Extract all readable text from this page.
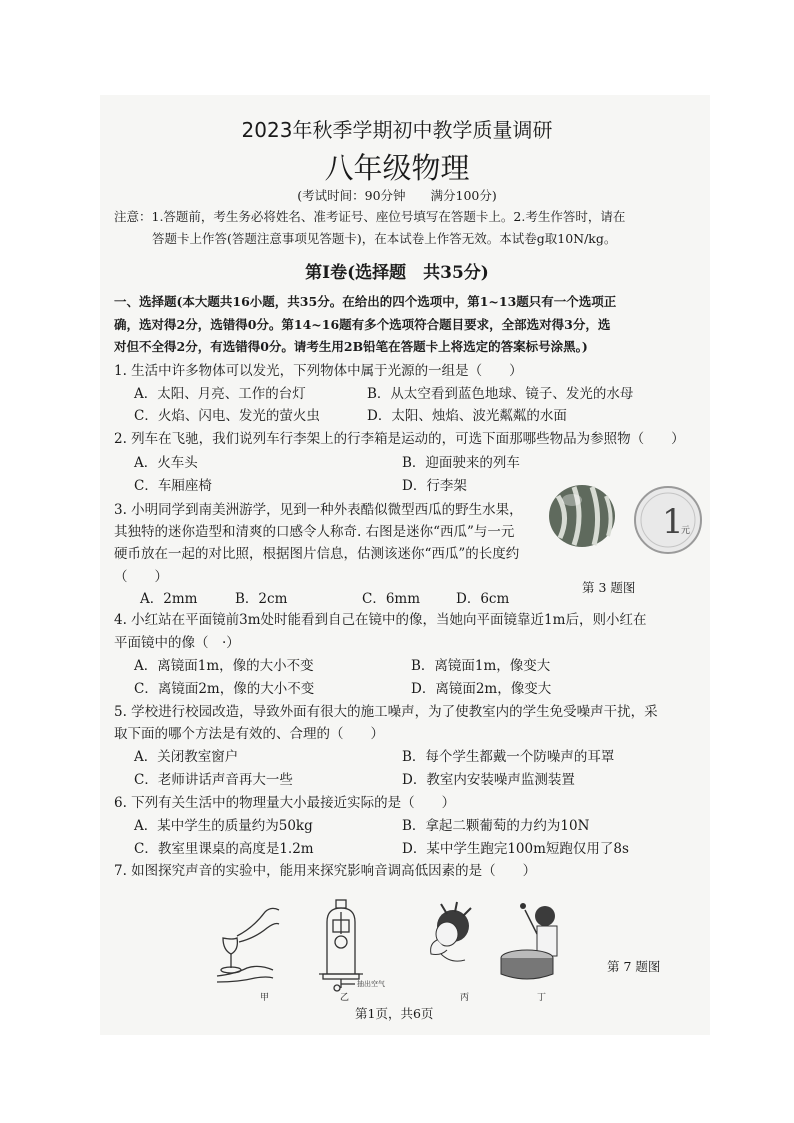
2023年秋季学期初中教学质量调研
八年级物理
(考试时间：90分钟　　满分100分)
注意：1.答题前，考生务必将姓名、准考证号、座位号填写在答题卡上。2.考生作答时，请在
答题卡上作答(答题注意事项见答题卡)，在本试卷上作答无效。本试卷g取10N/kg。
第Ⅰ卷(选择题　共35分)
一、选择题(本大题共16小题，共35分。在给出的四个选项中，第1~13题只有一个选项正
确，选对得2分，选错得0分。第14~16题有多个选项符合题目要求，全部选对得3分，选
对但不全得2分，有选错得0分。请考生用2B铅笔在答题卡上将选定的答案标号涂黑。)
1. 生活中许多物体可以发光，下列物体中属于光源的一组是（　　）
A．太阳、月亮、工作的台灯	B．从太空看到蓝色地球、镜子、发光的水母
C．火焰、闪电、发光的萤火虫	D．太阳、烛焰、波光粼粼的水面
2. 列车在飞驰，我们说列车行李架上的行李箱是运动的，可选下面那哪些物品为参照物（　　）
A．火车头	B．迎面驶来的列车
C．车厢座椅	D．行李架
3. 小明同学到南美洲游学，见到一种外表酷似微型西瓜的野生水果，
其独特的迷你造型和清爽的口感令人称奇. 右图是迷你“西瓜”与一元
硬币放在一起的对比照，根据图片信息，估测该迷你“西瓜”的长度约
（　　）
A．2mm	B．2cm	C．6mm	D．6cm
1
元
第 3 题图
4. 小红站在平面镜前3m处时能看到自己在镜中的像，当她向平面镜靠近1m后，则小红在
平面镜中的像（　·）
A．离镜面1m，像的大小不变	B．离镜面1m，像变大
C．离镜面2m，像的大小不变	D．离镜面2m，像变大
5. 学校进行校园改造，导致外面有很大的施工噪声，为了使教室内的学生免受噪声干扰，采
取下面的哪个方法是有效的、合理的（　　）
A．关闭教室窗户	B．每个学生都戴一个防噪声的耳罩
C．老师讲话声音再大一些	D．教室内安装噪声监测装置
6. 下列有关生活中的物理量大小最接近实际的是（　　）
A．某中学生的质量约为50kg	B．拿起二颗葡萄的力约为10N
C．教室里课桌的高度是1.2m	D．某中学生跑完100m短跑仅用了8s
7. 如图探究声音的实验中，能用来探究影响音调高低因素的是（　　）
抽出空气
第 7 题图
甲	乙	丙	丁
第1页，共6页
